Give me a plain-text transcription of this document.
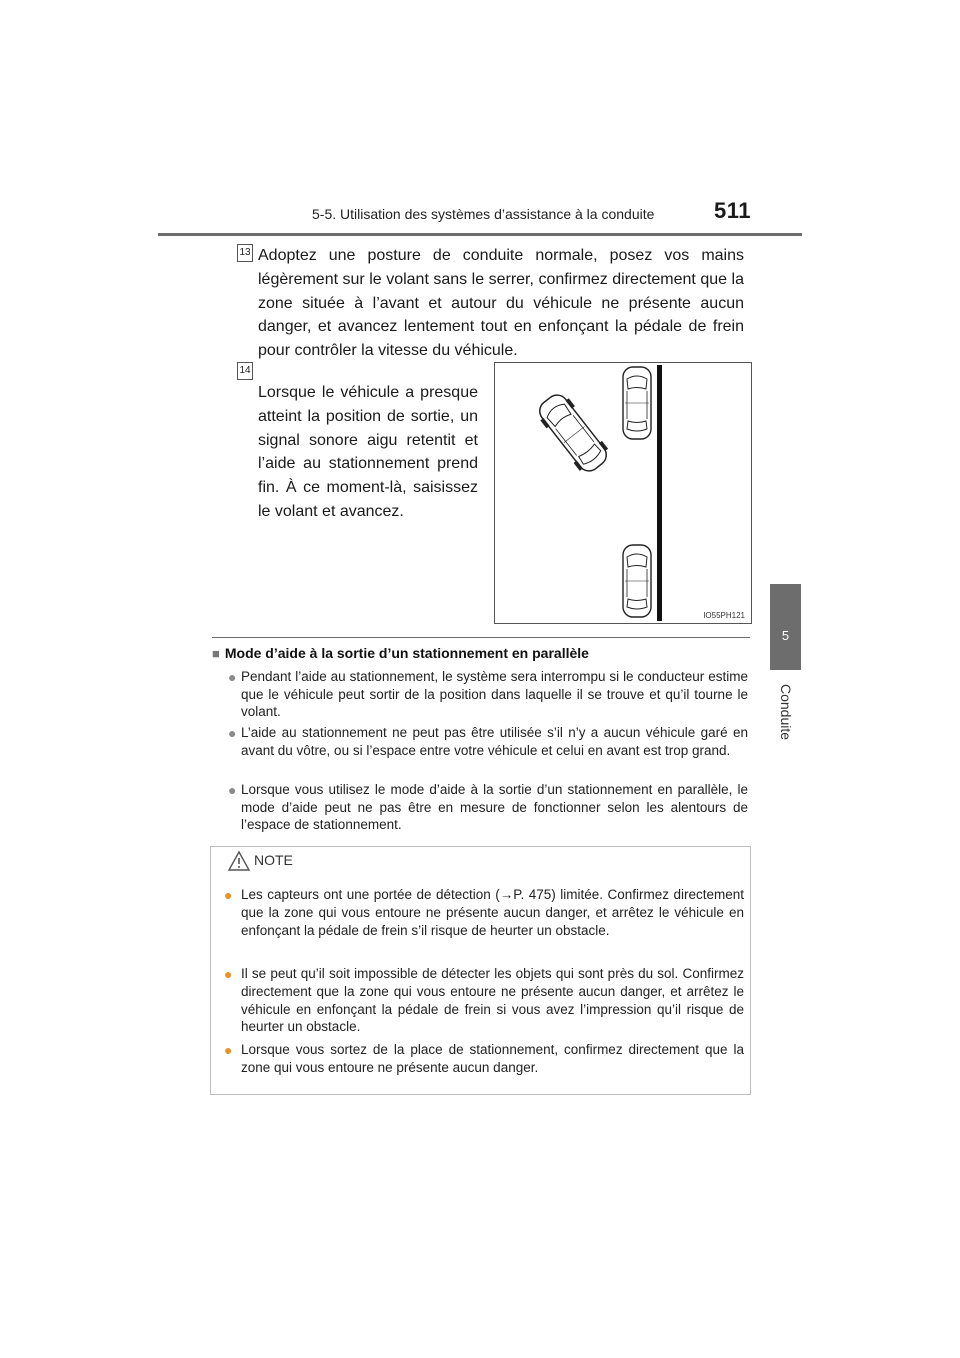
5-5. Utilisation des systèmes d’assistance à la conduite	511
5
Conduite
13 Adoptez une posture de conduite normale, posez vos mains légèrement sur le volant sans le serrer, confirmez directement que la zone située à l’avant et autour du véhicule ne présente aucun danger, et avancez lentement tout en enfonçant la pédale de frein pour contrôler la vitesse du véhicule.
14
Lorsque le véhicule a presque atteint la position de sortie, un signal sonore aigu retentit et l’aide au stationnement prend fin. À ce moment-là, saisissez le volant et avancez.
IO55PH121
■ Mode d’aide à la sortie d’un stationnement en parallèle
● Pendant l’aide au stationnement, le système sera interrompu si le conducteur estime que le véhicule peut sortir de la position dans laquelle il se trouve et qu’il tourne le volant.
● L’aide au stationnement ne peut pas être utilisée s’il n’y a aucun véhicule garé en avant du vôtre, ou si l’espace entre votre véhicule et celui en avant est trop grand.
● Lorsque vous utilisez le mode d’aide à la sortie d’un stationnement en parallèle, le mode d’aide peut ne pas être en mesure de fonctionner selon les alentours de l’espace de stationnement.
NOTE
● Les capteurs ont une portée de détection (→P. 475) limitée. Confirmez directement que la zone qui vous entoure ne présente aucun danger, et arrêtez le véhicule en enfonçant la pédale de frein s’il risque de heurter un obstacle.
● Il se peut qu’il soit impossible de détecter les objets qui sont près du sol. Confirmez directement que la zone qui vous entoure ne présente aucun danger, et arrêtez le véhicule en enfonçant la pédale de frein si vous avez l’impression qu’il risque de heurter un obstacle.
● Lorsque vous sortez de la place de stationnement, confirmez directement que la zone qui vous entoure ne présente aucun danger.
